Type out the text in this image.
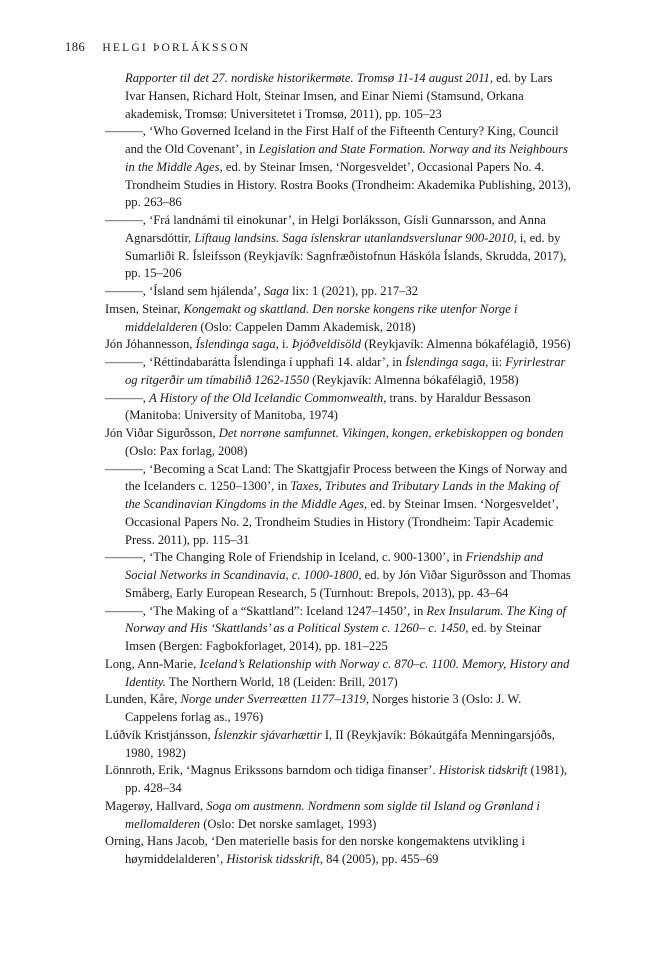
186 HELGI ÞORLÁKSSON

Rapporter til det 27. nordiske historikermøte. Tromsø 11-14 august 2011, ed. by Lars Ivar Hansen, Richard Holt, Steinar Imsen, and Einar Niemi (Stamsund, Orkana akademisk, Tromsø: Universitetet i Tromsø, 2011), pp. 105–23

———, ‘Who Governed Iceland in the First Half of the Fifteenth Century? King, Council and the Old Covenant’, in Legislation and State Formation. Norway and its Neighbours in the Middle Ages, ed. by Steinar Imsen, ‘Norgesveldet’, Occasional Papers No. 4. Trondheim Studies in History. Rostra Books (Trondheim: Akademika Publishing, 2013), pp. 263–86

———, ‘Frá landnámi til einokunar’, in Helgi Þorláksson, Gísli Gunnarsson, and Anna Agnarsdóttir, Líftaug landsins. Saga íslenskrar utanlandsverslunar 900-2010, i, ed. by Sumarliði R. Ísleifsson (Reykjavík: Sagnfræðistofnun Háskóla Íslands, Skrudda, 2017), pp. 15–206

———, ‘Ísland sem hjálenda’, Saga lix: 1 (2021), pp. 217–32

Imsen, Steinar, Kongemakt og skattland. Den norske kongens rike utenfor Norge i middelalderen (Oslo: Cappelen Damm Akademisk, 2018)

Jón Jóhannesson, Íslendinga saga, i. Þjóðveldisöld (Reykjavík: Almenna bókafélagið, 1956)

———, ‘Réttindabarátta Íslendinga í upphafi 14. aldar’, in Íslendinga saga, ii: Fyrirlestrar og ritgerðir um tímabilið 1262-1550 (Reykjavík: Almenna bókafélagið, 1958)

———, A History of the Old Icelandic Commonwealth, trans. by Haraldur Bessason (Manitoba: University of Manitoba, 1974)

Jón Viðar Sigurðsson, Det norrøne samfunnet. Vikingen, kongen, erkebiskoppen og bonden (Oslo: Pax forlag, 2008)

———, ‘Becoming a Scat Land: The Skattgjafir Process between the Kings of Norway and the Icelanders c. 1250–1300’, in Taxes, Tributes and Tributary Lands in the Making of the Scandinavian Kingdoms in the Middle Ages, ed. by Steinar Imsen. ‘Norgesveldet’, Occasional Papers No. 2, Trondheim Studies in History (Trondheim: Tapir Academic Press. 2011), pp. 115–31

———, ‘The Changing Role of Friendship in Iceland, c. 900-1300’, in Friendship and Social Networks in Scandinavia, c. 1000-1800, ed. by Jón Viðar Sigurðsson and Thomas Småberg, Early European Research, 5 (Turnhout: Brepols, 2013), pp. 43–64

———, ‘The Making of a “Skattland”: Iceland 1247–1450’, in Rex Insularum. The King of Norway and His ‘Skattlands’ as a Political System c. 1260– c. 1450, ed. by Steinar Imsen (Bergen: Fagbokforlaget, 2014), pp. 181–225

Long, Ann-Marie, Iceland’s Relationship with Norway c. 870–c. 1100. Memory, History and Identity. The Northern World, 18 (Leiden: Brill, 2017)

Lunden, Kåre, Norge under Sverreætten 1177–1319, Norges historie 3 (Oslo: J. W. Cappelens forlag as., 1976)

Lúðvík Kristjánsson, Íslenzkir sjávarhættir I, II (Reykjavík: Bókaútgáfa Menningarsjóðs, 1980, 1982)

Lönnroth, Erik, ‘Magnus Erikssons barndom och tidiga finanser’. Historisk tidskrift (1981), pp. 428–34

Magerøy, Hallvard, Soga om austmenn. Nordmenn som siglde til Island og Grønland i mellomalderen (Oslo: Det norske samlaget, 1993)

Orning, Hans Jacob, ‘Den materielle basis for den norske kongemaktens utvikling i høymiddelalderen’, Historisk tidsskrift, 84 (2005), pp. 455–69
